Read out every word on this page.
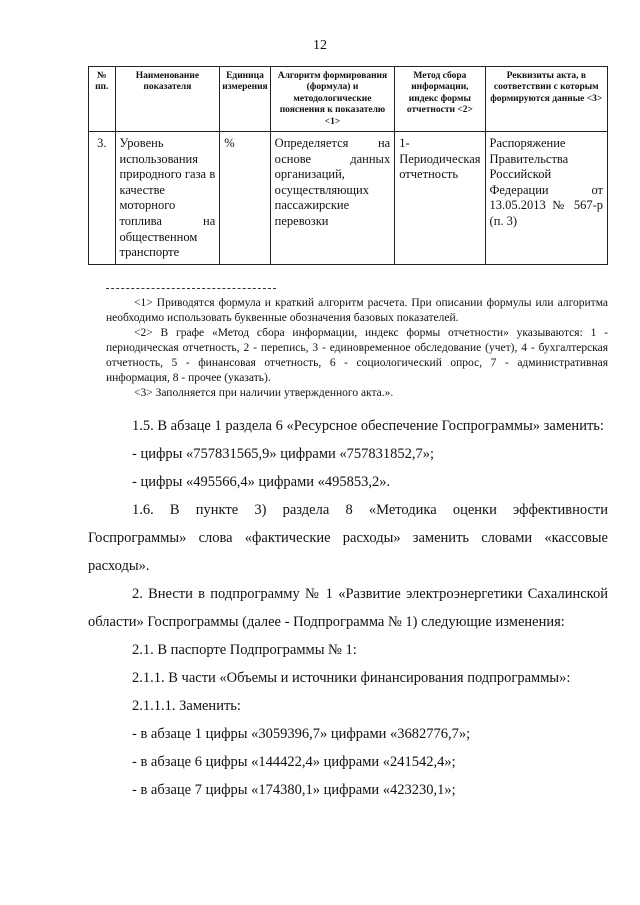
12
№ пп.	Наименование показателя	Единица измерения	Алгоритм формирования (формула) и методологические пояснения к показателю <1>	Метод сбора информации, индекс формы отчетности <2>	Реквизиты акта, в соответствии с которым формируются данные <3>
3.	Уровень использования природного газа в качестве моторного топлива на общественном транспорте	%	Определяется на основе данных организаций, осуществляющих пассажирские перевозки	1- Периодическая отчетность	Распоряжение Правительства Российской Федерации от 13.05.2013 № 567-р (п. 3)

<1> Приводятся формула и краткий алгоритм расчета. При описании формулы или алгоритма необходимо использовать буквенные обозначения базовых показателей.

<2> В графе «Метод сбора информации, индекс формы отчетности» указываются: 1 - периодическая отчетность, 2 - перепись, 3 - единовременное обследование (учет), 4 - бухгалтерская отчетность, 5 - финансовая отчетность, 6 - социологический опрос, 7 - административная информация, 8 - прочее (указать).

<3> Заполняется при наличии утвержденного акта.».

1.5. В абзаце 1 раздела 6 «Ресурсное обеспечение Госпрограммы» заменить:

- цифры «757831565,9» цифрами «757831852,7»;

- цифры «495566,4» цифрами «495853,2».

1.6. В пункте 3) раздела 8 «Методика оценки эффективности Госпрограммы» слова «фактические расходы» заменить словами «кассовые расходы».

2. Внести в подпрограмму № 1 «Развитие электроэнергетики Сахалинской области» Госпрограммы (далее - Подпрограмма № 1) следующие изменения:

2.1. В паспорте Подпрограммы № 1:

2.1.1. В части «Объемы и источники финансирования подпрограммы»:

2.1.1.1. Заменить:

- в абзаце 1 цифры «3059396,7» цифрами «3682776,7»;

- в абзаце 6 цифры «144422,4» цифрами «241542,4»;

- в абзаце 7 цифры «174380,1» цифрами «423230,1»;
